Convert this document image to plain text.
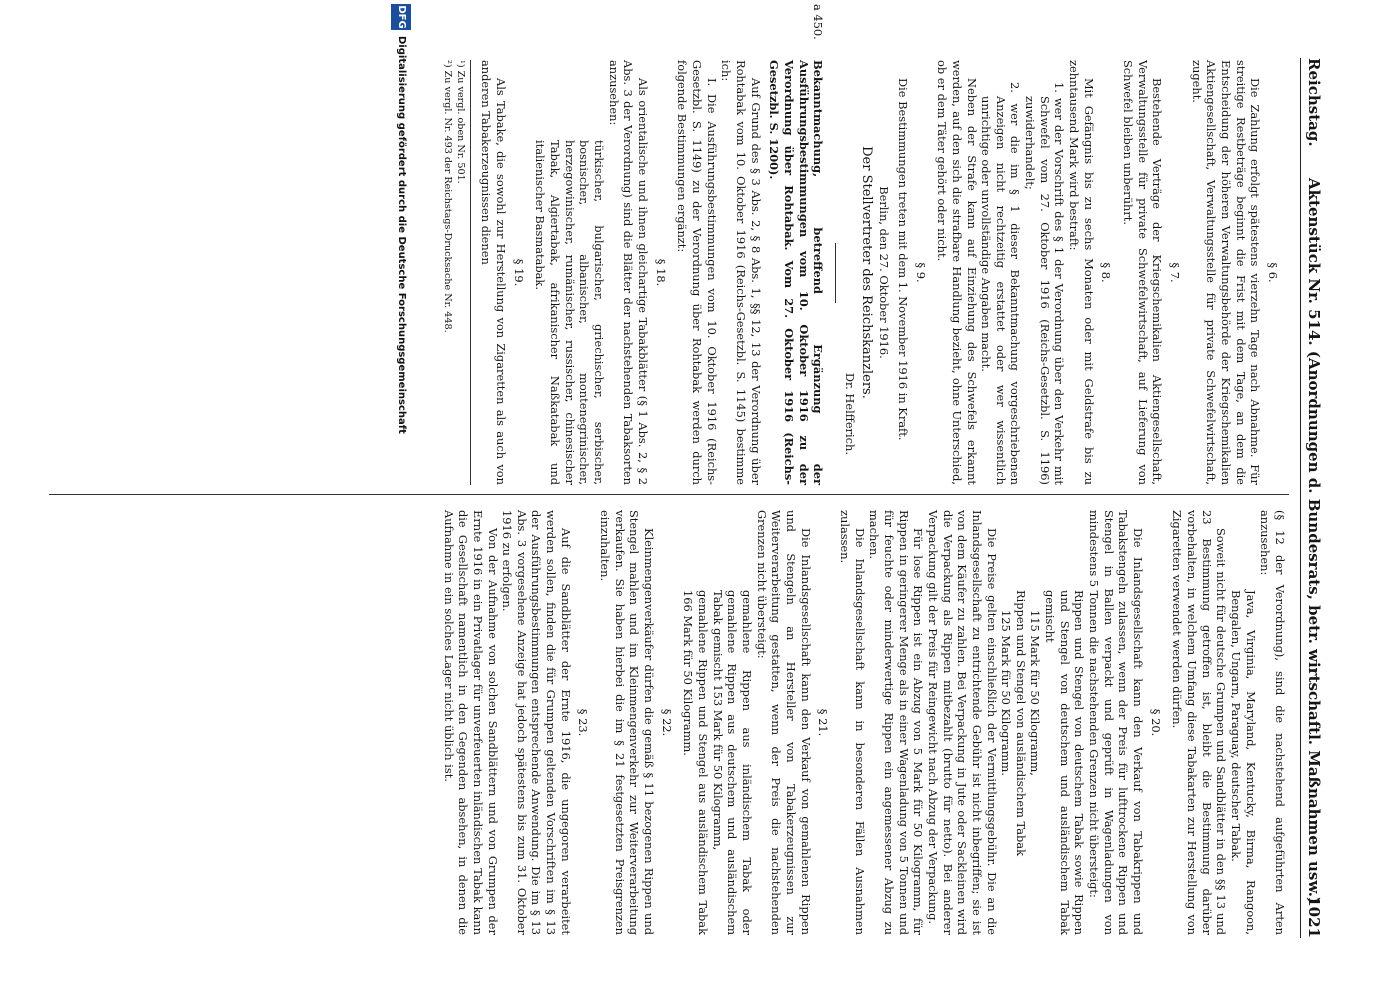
Reichstag.
Aktenstück Nr. 514. (Anordnungen d. Bundesrats, betr. wirtschaftl. Maßnahmen usw.)
1021
§ 6.

Die Zahlung erfolgt spätestens vierzehn Tage nach Abnahme. Für streitige Restbeträge beginnt die Frist mit dem Tage, an dem die Entscheidung der höheren Verwaltungsbehörde der Kriegschemikalien Aktiengesellschaft, Verwaltungsstelle für private Schwefelwirtschaft, zugeht.

§ 7.

Bestehende Verträge der Kriegschemikalien Aktiengesellschaft, Verwaltungsstelle für private Schwefelwirtschaft, auf Lieferung von Schwefel bleiben unberührt.

§ 8.

Mit Gefängnis bis zu sechs Monaten oder mit Geldstrafe bis zu zehntausend Mark wird bestraft:

1. wer der Vorschrift des § 1 der Verordnung über den Verkehr mit Schwefel vom 27. Oktober 1916 (Reichs-Gesetzbl. S. 1196) zuwiderhandelt;
2. wer die im § 1 dieser Bekanntmachung vorgeschriebenen Anzeigen nicht rechtzeitig erstattet oder wer wissentlich unrichtige oder unvollständige Angaben macht.

Neben der Strafe kann auf Einziehung des Schwefels erkannt werden, auf den sich die strafbare Handlung bezieht, ohne Unterschied, ob er dem Täter gehört oder nicht.

§ 9.

Die Bestimmungen treten mit dem 1. November 1916 in Kraft.

Berlin, den 27. Oktober 1916.

Der Stellvertreter des Reichskanzlers.

Dr. Helfferich.

a 450.
Bekanntmachung, betreffend Ergänzung der Ausführungsbestimmungen vom 10. Oktober 1916 zu der Verordnung über Rohtabak. Vom 27. Oktober 1916 (Reichs-Gesetzbl. S. 1200).

Auf Grund des § 3 Abs. 2, § 8 Abs. 1, §§ 12, 13 der Verordnung über Rohtabak vom 10. Oktober 1916 (Reichs-Gesetzbl. S. 1145) bestimme ich:

I. Die Ausführungsbestimmungen vom 10. Oktober 1916 (Reichs-Gesetzbl. S. 1149) zu der Verordnung über Rohtabak werden durch folgende Bestimmungen ergänzt:

§ 18.

Als orientalische und ihnen gleichartige Tabakblätter (§ 1 Abs. 2, § 2 Abs. 3 der Verordnung) sind die Blätter der nachstehenden Tabaksorten anzusehen:

türkischer, bulgarischer, griechischer, serbischer, bosnischer, albanischer, montenegrinischer, herzegowinischer, rumänischer, russischer, chinesischer Tabak, Algiertabak, afrikanischer Naßkatabak und italienischer Basmatabak.

§ 19.

Als Tabake, die sowohl zur Herstellung von Zigaretten als auch von anderen Tabakerzeugnissen dienen

¹) Zu vergl. oben Nr. 501.
²) Zu vergl. Nr. 493 der Reichstags-Drucksache Nr. 448.

(§ 12 der Verordnung), sind die nachstehend aufgeführten Arten anzusehen:

Java, Virginia, Maryland, Kentucky, Birma, Rangoon, Bengalen, Ungarn, Paraguay, deutscher Tabak.

Soweit nicht für deutsche Grumpen und Sandblätter in den §§ 13 und 23 Bestimmung getroffen ist, bleibt die Bestimmung darüber vorbehalten, in welchem Umfang diese Tabakarten zur Herstellung von Zigaretten verwendet werden dürfen.

§ 20.

Die Inlandsgesellschaft kann den Verkauf von Tabakrippen und Tabakstengeln zulassen, wenn der Preis für lufttrockene Rippen und Stengel in Ballen verpackt und geprüft in Wagenladungen von mindestens 5 Tonnen die nachstehenden Grenzen nicht übersteigt:

Rippen und Stengel von deutschem Tabak sowie Rippen und Stengel von deutschem und ausländischem Tabak gemischt

115 Mark für 50 Kilogramm,

Rippen und Stengel von ausländischem Tabak

125 Mark für 50 Kilogramm.

Die Preise gelten einschließlich der Vermittlungsgebühr. Die an die Inlandsgesellschaft zu entrichtende Gebühr ist nicht inbegriffen; sie ist von dem Käufer zu zahlen. Bei Verpackung in Jute oder Sackleinen wird die Verpackung als Rippen mitbezahlt (brutto für netto). Bei anderer Verpackung gilt der Preis für Reingewicht nach Abzug der Verpackung.

Für lose Rippen ist ein Abzug von 5 Mark für 50 Kilogramm, für Rippen in geringerer Menge als in einer Wagenladung von 5 Tonnen und für feuchte oder minderwertige Rippen ein angemessener Abzug zu machen.

Die Inlandsgesellschaft kann in besonderen Fällen Ausnahmen zulassen.

§ 21.

Die Inlandsgesellschaft kann den Verkauf von gemahlenen Rippen und Stengeln an Hersteller von Tabakerzeugnissen zur Weiterverarbeitung gestatten, wenn der Preis die nachstehenden Grenzen nicht übersteigt:

gemahlene Rippen aus inländischem Tabak oder gemahlene Rippen aus deutschem und ausländischem Tabak gemischt 153 Mark für 50 Kilogramm,

gemahlene Rippen und Stengel aus ausländischem Tabak 166 Mark für 50 Kilogramm.

§ 22.

Kleinmengenverkäufer dürfen die gemäß § 11 bezogenen Rippen und Stengel mahlen und im Kleinmengenverkehr zur Weiterverarbeitung verkaufen. Sie haben hierbei die im § 21 festgesetzten Preisgrenzen einzuhalten.

§ 23.

Auf die Sandblätter der Ernte 1916, die ungegoren verarbeitet werden sollen, finden die für Grumpen geltenden Vorschriften im § 13 der Ausführungsbestimmungen entsprechende Anwendung. Die im § 13 Abs. 3 vorgesehene Anzeige hat jedoch spätestens bis zum 31. Oktober 1916 zu erfolgen.

Von der Aufnahme von solchen Sandblättern und von Grumpen der Ernte 1916 in ein Privatlager für unverfeuerten inländischen Tabak kann die Gesellschaft namentlich in den Gegenden absehen, in denen die Aufnahme in ein solches Lager nicht üblich ist.

DFG
Digitalisierung gefördert durch die Deutsche Forschungsgemeinschaft
